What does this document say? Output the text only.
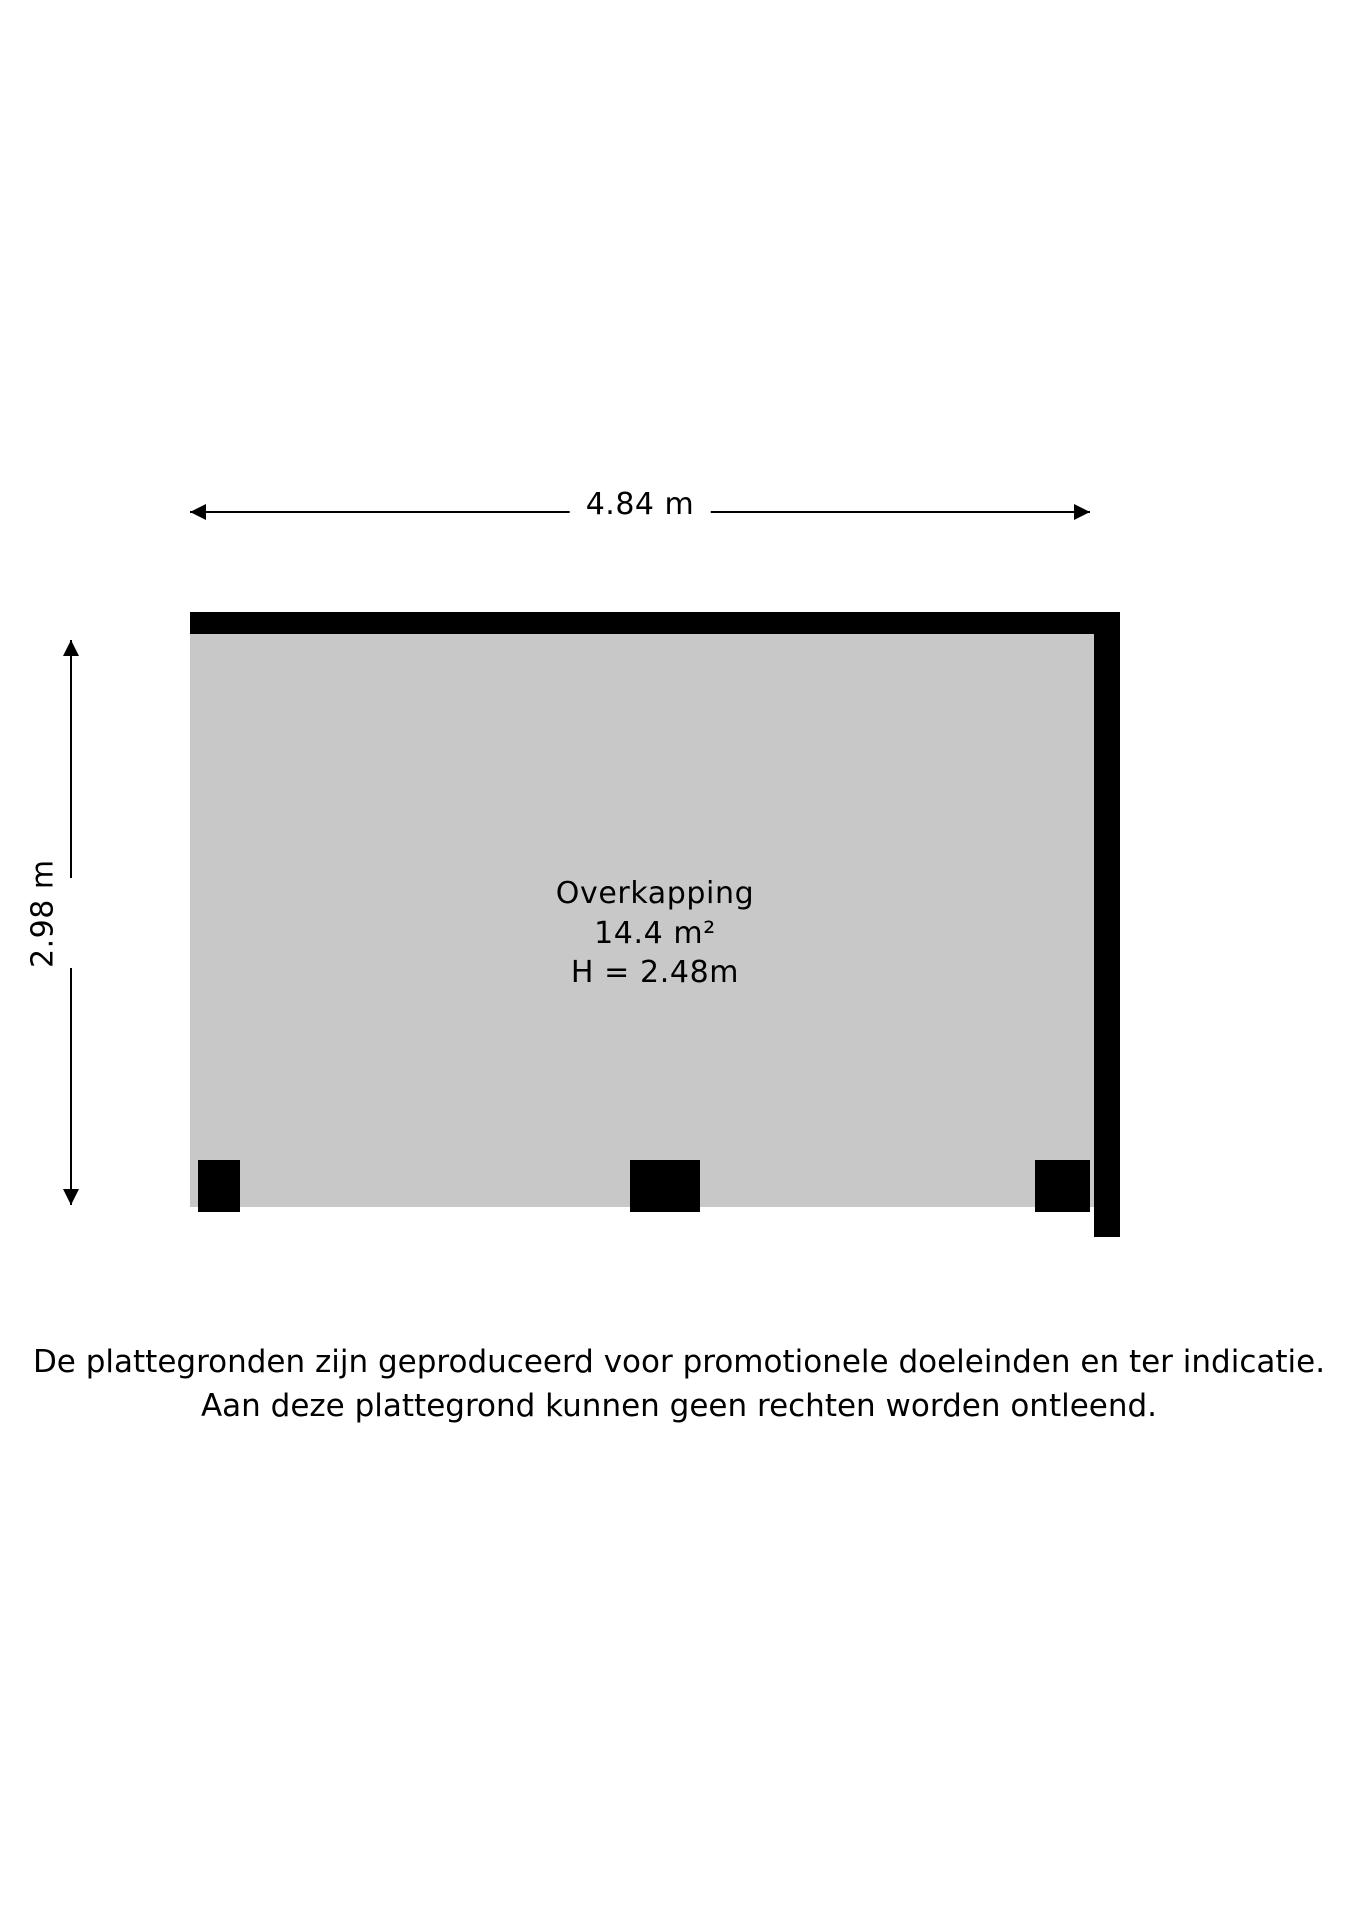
4.84 m
2.98 m	Overkapping
14.4 m²
H = 2.48m
De plattegronden zijn geproduceerd voor promotionele doeleinden en ter indicatie.
Aan deze plattegrond kunnen geen rechten worden ontleend.
